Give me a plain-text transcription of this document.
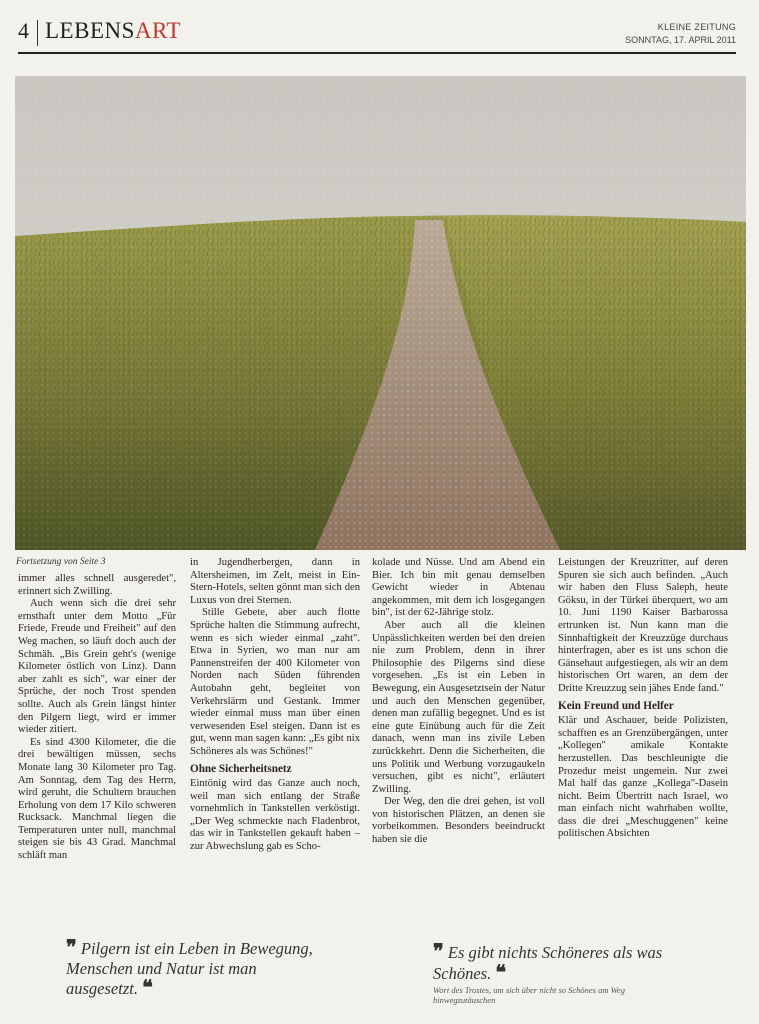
4 LEBENSART	KLEINE ZEITUNG
SONNTAG, 17. APRIL 2011
Fortsetzung von Seite 3

immer alles schnell ausgeredet", erinnert sich Zwilling.

Auch wenn sich die drei sehr ernsthaft unter dem Motto „Für Friede, Freude und Freiheit" auf den Weg machen, so läuft doch auch der Schmäh. „Bis Grein geht's (wenige Kilometer östlich von Linz). Dann aber zahlt es sich", war einer der Sprüche, der noch Trost spenden sollte. Auch als Grein längst hinter den Pilgern liegt, wird er immer wieder zitiert.

Es sind 4300 Kilometer, die die drei bewältigen müssen, sechs Monate lang 30 Kilometer pro Tag. Am Sonntag, dem Tag des Herrn, wird geruht, die Schultern brauchen Erholung von dem 17 Kilo schweren Rucksack. Manchmal liegen die Temperaturen unter null, manchmal steigen sie bis 43 Grad. Manchmal schläft man

in Jugendherbergen, dann in Altersheimen, im Zelt, meist in Ein-Stern-Hotels, selten gönnt man sich den Luxus von drei Sternen.

Stille Gebete, aber auch flotte Sprüche halten die Stimmung aufrecht, wenn es sich wieder einmal „zaht". Etwa in Syrien, wo man nur am Pannenstreifen der 400 Kilometer von Norden nach Süden führenden Autobahn geht, begleitet von Verkehrslärm und Gestank. Immer wieder einmal muss man über einen verwesenden Esel steigen. Dann ist es gut, wenn man sagen kann: „Es gibt nix Schöneres als was Schönes!"

Ohne Sicherheitsnetz

Eintönig wird das Ganze auch noch, weil man sich entlang der Straße vornehmlich in Tankstellen verköstigt. „Der Weg schmeckte nach Fladenbrot, das wir in Tankstellen gekauft haben – zur Abwechslung gab es Scho-

kolade und Nüsse. Und am Abend ein Bier. Ich bin mit genau demselben Gewicht wieder in Abtenau angekommen, mit dem ich losgegangen bin", ist der 62-Jährige stolz.

Aber auch all die kleinen Unpässlichkeiten werden bei den dreien nie zum Problem, denn in ihrer Philosophie des Pilgerns sind diese vorgesehen. „Es ist ein Leben in Bewegung, ein Ausgesetztsein der Natur und auch den Menschen gegenüber, denen man zufällig begegnet. Und es ist eine gute Einübung auch für die Zeit danach, wenn man ins zivile Leben zurückkehrt. Denn die Sicherheiten, die uns Politik und Werbung vorzugaukeln versuchen, gibt es nicht", erläutert Zwilling.

Der Weg, den die drei gehen, ist voll von historischen Plätzen, an denen sie vorbeikommen. Besonders beeindruckt haben sie die

Leistungen der Kreuzritter, auf deren Spuren sie sich auch befinden. „Auch wir haben den Fluss Saleph, heute Göksu, in der Türkei überquert, wo am 10. Juni 1190 Kaiser Barbarossa ertrunken ist. Nun kann man die Sinnhaftigkeit der Kreuzzüge durchaus hinterfragen, aber es ist uns schon die Gänsehaut aufgestiegen, als wir an dem historischen Ort waren, an dem der Dritte Kreuzzug sein jähes Ende fand."

Kein Freund und Helfer

Klär und Aschauer, beide Polizisten, schafften es an Grenzübergängen, unter „Kollegen" amikale Kontakte herzustellen. Das beschleunigte die Prozedur meist ungemein. Nur zwei Mal half das ganze „Kollega"-Dasein nicht. Beim Übertritt nach Israel, wo man einfach nicht wahrhaben wollte, dass die drei „Meschuggenen" keine politischen Absichten

❞ Pilgern ist ein Leben in Bewegung, Menschen und Natur ist man ausgesetzt. ❝
❞ Es gibt nichts Schöneres als was Schönes. ❝
Wort des Trostes, um sich über nicht so Schönes am Weg hinwegzutäuschen
